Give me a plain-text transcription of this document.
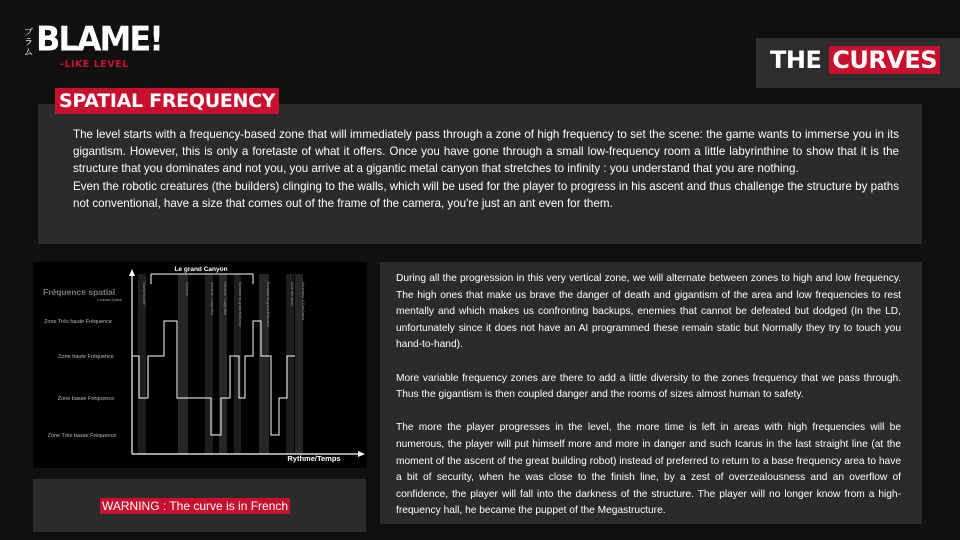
ブラム BLAME!
-LIKE LEVEL	THE CURVES
SPATIAL FREQUENCY

The level starts with a frequency-based zone that will immediately pass through a zone of high frequency to set the scene: the game wants to immerse you in its gigantism. However, this is only a foretaste of what it offers. Once you have gone through a small low-frequency room a little labyrinthine to show that it is the structure that you dominates and not you, you arrive at a gigantic metal canyon that stretches to infinity : you understand that you are nothing.

Even the robotic creatures (the builders) clinging to the walls, which will be used for the player to progress in his ascent and thus challenge the structure by paths not conventional, have a size that comes out of the frame of the camera, you're just an ant even for them.

Le grand Canyon
Fréquence spatial
Contrast Spatial
Zone Très haute Fréquence
Zone haute Fréquence
Zone basse Fréquence
Zone Très basse Fréquence
Grand escalier	Corniche	Corniche / Labyrinthe	Corniche / Labyrinthe	Escalade du grand Bâtisseur	Escalade du grand Bâtisseur	Zone des tubes Ascenseur & Conclusion
Rythme/Temps
WARNING : The curve is in French

During all the progression in this very vertical zone, we will alternate between zones to high and low frequency. The high ones that make us brave the danger of death and gigantism of the area and low frequencies to rest mentally and which makes us confronting backups, enemies that cannot be defeated but dodged (In the LD, unfortunately since it does not have an AI programmed these remain static but Normally they try to touch you hand-to-hand).

More variable frequency zones are there to add a little diversity to the zones frequency that we pass through. Thus the gigantism is then coupled danger and the rooms of sizes almost human to safety.

The more the player progresses in the level, the more time is left in areas with high frequencies will be numerous, the player will put himself more and more in danger and such Icarus in the last straight line (at the moment of the ascent of the great building robot) instead of preferred to return to a base frequency area to have a bit of security, when he was close to the finish line, by a zest of overzealousness and an overflow of confidence, the player will fall into the darkness of the structure. The player will no longer know from a high-frequency hall, he became the puppet of the Megastructure.
